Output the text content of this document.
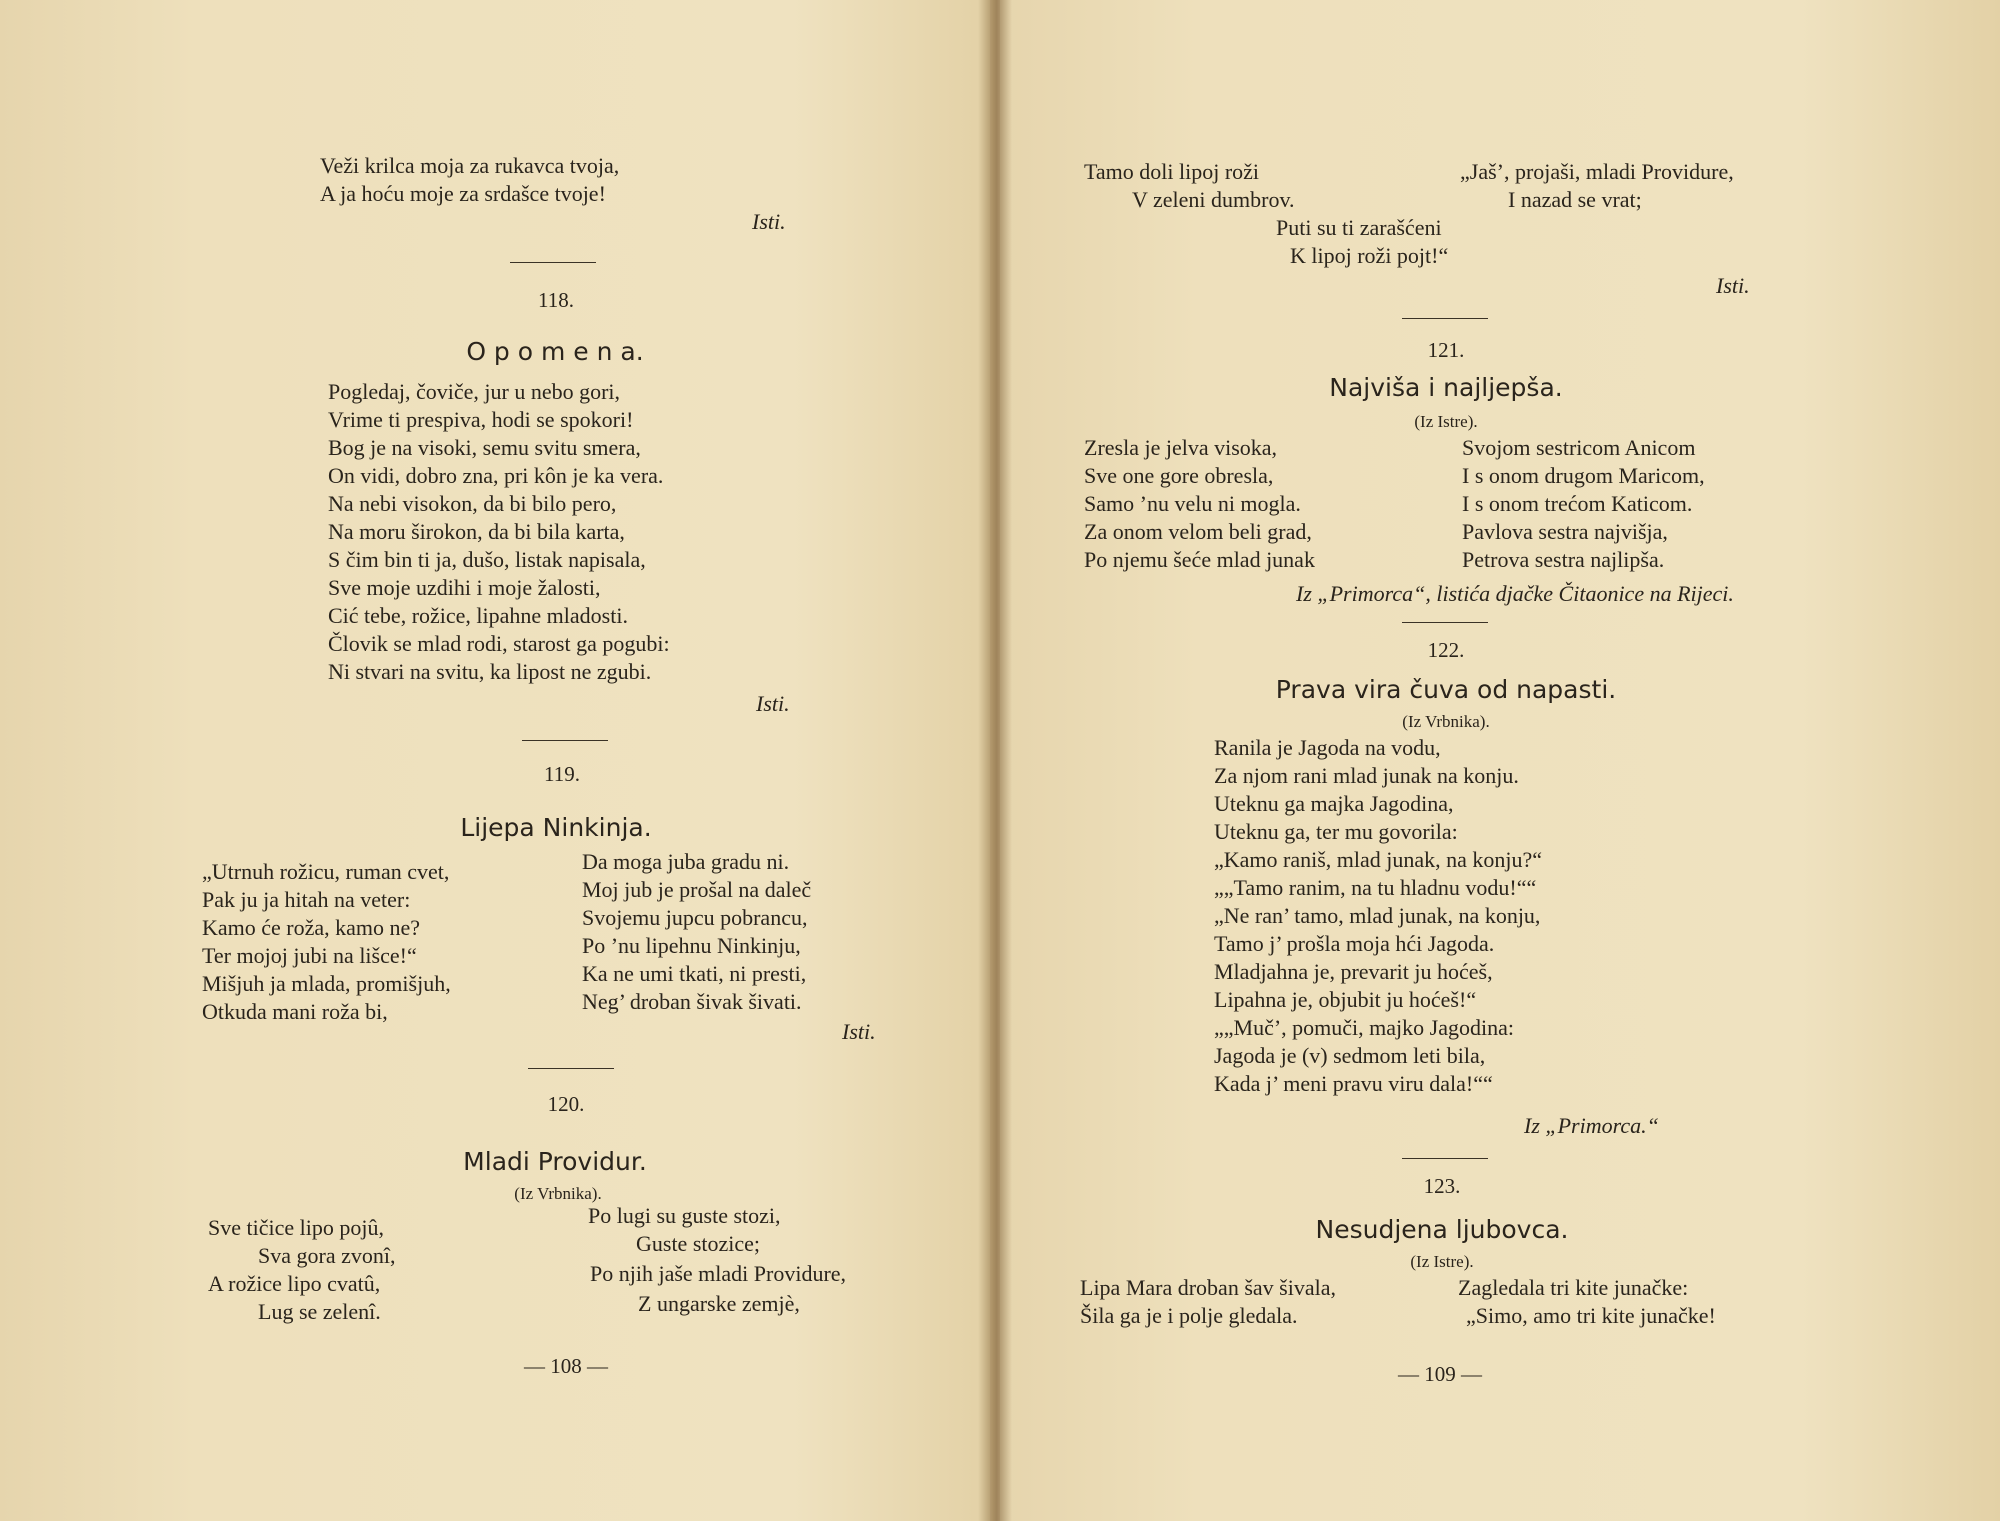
Veži krilca moja za rukavca tvoja,
A ja hoću moje za srdašce tvoje!
Isti.
118.
O p o m e n a.
Pogledaj, čoviče, jur u nebo gori,
Vrime ti prespiva, hodi se spokori!
Bog je na visoki, semu svitu smera,
On vidi, dobro zna, pri kôn je ka vera.
Na nebi visokon, da bi bilo pero,
Na moru širokon, da bi bila karta,
S čim bin ti ja, dušo, listak napisala,
Sve moje uzdihi i moje žalosti,
Cić tebe, rožice, lipahne mladosti.
Človik se mlad rodi, starost ga pogubi:
Ni stvari na svitu, ka lipost ne zgubi.
Isti.
119.
Lijepa Ninkinja.
„Utrnuh rožicu, ruman cvet,
Pak ju ja hitah na veter:
Kamo će roža, kamo ne?
Ter mojoj jubi na lišce!“
Mišjuh ja mlada, promišjuh,
Otkuda mani roža bi,
Da moga juba gradu ni.
Moj jub je prošal na daleč
Svojemu jupcu pobrancu,
Po ’nu lipehnu Ninkinju,
Ka ne umi tkati, ni presti,
Neg’ droban šivak šivati.
Isti.
120.
Mladi Providur.
(Iz Vrbnika).
Sve tičice lipo pojû,
Sva gora zvonî,
A rožice lipo cvatû,
Lug se zelenî.
Po lugi su guste stozi,
Guste stozice;
Po njih jaše mladi Providure,
Z ungarske zemjè,
— 108 —
Tamo doli lipoj roži
V zeleni dumbrov.
„Jaš’, projaši, mladi Providure,
I nazad se vrat;
Puti su ti zarašćeni
K lipoj roži pojt!“
Isti.
121.
Najviša i najljepša.
(Iz Istre).
Zresla je jelva visoka,
Sve one gore obresla,
Samo ’nu velu ni mogla.
Za onom velom beli grad,
Po njemu šeće mlad junak
Svojom sestricom Anicom
I s onom drugom Maricom,
I s onom trećom Katicom.
Pavlova sestra najvišja,
Petrova sestra najlipša.
Iz „Primorca“, listića djačke Čitaonice na Rijeci.
122.
Prava vira čuva od napasti.
(Iz Vrbnika).
Ranila je Jagoda na vodu,
Za njom rani mlad junak na konju.
Uteknu ga majka Jagodina,
Uteknu ga, ter mu govorila:
„Kamo raniš, mlad junak, na konju?“
„„Tamo ranim, na tu hladnu vodu!““
„Ne ran’ tamo, mlad junak, na konju,
Tamo j’ prošla moja hći Jagoda.
Mladjahna je, prevarit ju hoćeš,
Lipahna je, objubit ju hoćeš!“
„„Muč’, pomuči, majko Jagodina:
Jagoda je (v) sedmom leti bila,
Kada j’ meni pravu viru dala!““
Iz „Primorca.“
123.
Nesudjena ljubovca.
(Iz Istre).
Lipa Mara droban šav šivala,
Šila ga je i polje gledala.
Zagledala tri kite junačke:
„Simo, amo tri kite junačke!
— 109 —
